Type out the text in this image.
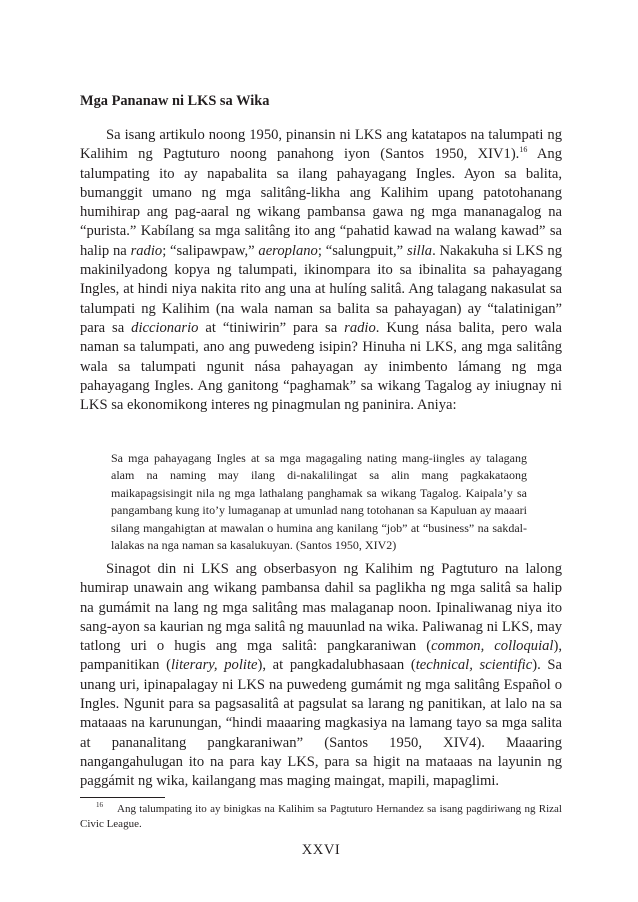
Mga Pananaw ni LKS sa Wika

Sa isang artikulo noong 1950, pinansin ni LKS ang katatapos na talumpati ng Kalihim ng Pagtuturo noong panahong iyon (Santos 1950, XIV1).$^{16}$ Ang talumpating ito ay napabalita sa ilang pahayagang Ingles. Ayon sa balita, bumanggit umano ng mga salitâng-likha ang Kalihim upang patotohanang humihirap ang pag-aaral ng wikang pambansa gawa ng mga mananagalog na “purista.” Kabílang sa mga salitâng ito ang “pahatid kawad na walang kawad” sa halip na radio; “salipawpaw,” aeroplano; “salungpuit,” silla. Nakakuha si LKS ng makinilyadong kopya ng talumpati, ikinompara ito sa ibinalita sa pahayagang Ingles, at hindi niya nakita rito ang una at hulíng salitâ. Ang talagang nakasulat sa talumpati ng Kalihim (na wala naman sa balita sa pahayagan) ay “talatinigan” para sa diccionario at “tiniwirin” para sa radio. Kung nása balita, pero wala naman sa talumpati, ano ang puwedeng isipin? Hinuha ni LKS, ang mga salitâng wala sa talumpati ngunit nása pahayagan ay inimbento lámang ng mga pahayagang Ingles. Ang ganitong “paghamak” sa wikang Tagalog ay iniugnay ni LKS sa ekonomikong interes ng pinagmulan ng paninira. Aniya:

Sa mga pahayagang Ingles at sa mga magagaling nating mang-iingles ay talagang alam na naming may ilang di-nakalilingat sa alin mang pagkakataong maikapagsisingit nila ng mga lathalang panghamak sa wikang Tagalog. Kaipala’y sa pangambang kung ito’y lumaganap at umunlad nang totohanan sa Kapuluan ay maaari silang mangahigtan at mawalan o humina ang kanilang “job” at “business” na sakdal-lalakas na nga naman sa kasalukuyan. (Santos 1950, XIV2)

Sinagot din ni LKS ang obserbasyon ng Kalihim ng Pagtuturo na lalong humirap unawain ang wikang pambansa dahil sa paglikha ng mga salitâ sa halip na gumámit na lang ng mga salitâng mas malaganap noon. Ipinaliwanag niya ito sang-ayon sa kaurian ng mga salitâ ng mauunlad na wika. Paliwanag ni LKS, may tatlong uri o hugis ang mga salitâ: pangkaraniwan (common, colloquial), pampanitikan (literary, polite), at pangkadalubhasaan (technical, scientific). Sa unang uri, ipinapalagay ni LKS na puwedeng gumámit ng mga salitâng Español o Ingles. Ngunit para sa pagsasalitâ at pagsulat sa larang ng panitikan, at lalo na sa mataaas na karunungan, “hindi maaaring magkasiya na lamang tayo sa mga salita at pananalitang pangkaraniwan” (Santos 1950, XIV4). Maaaring nangangahulugan ito na para kay LKS, para sa higit na mataaas na layunin ng paggámit ng wika, kailangang mas maging maingat, mapili, mapaglimi.

$^{16}$ Ang talumpating ito ay binigkas na Kalihim sa Pagtuturo Hernandez sa isang pagdiriwang ng Rizal Civic League.

XXVI
